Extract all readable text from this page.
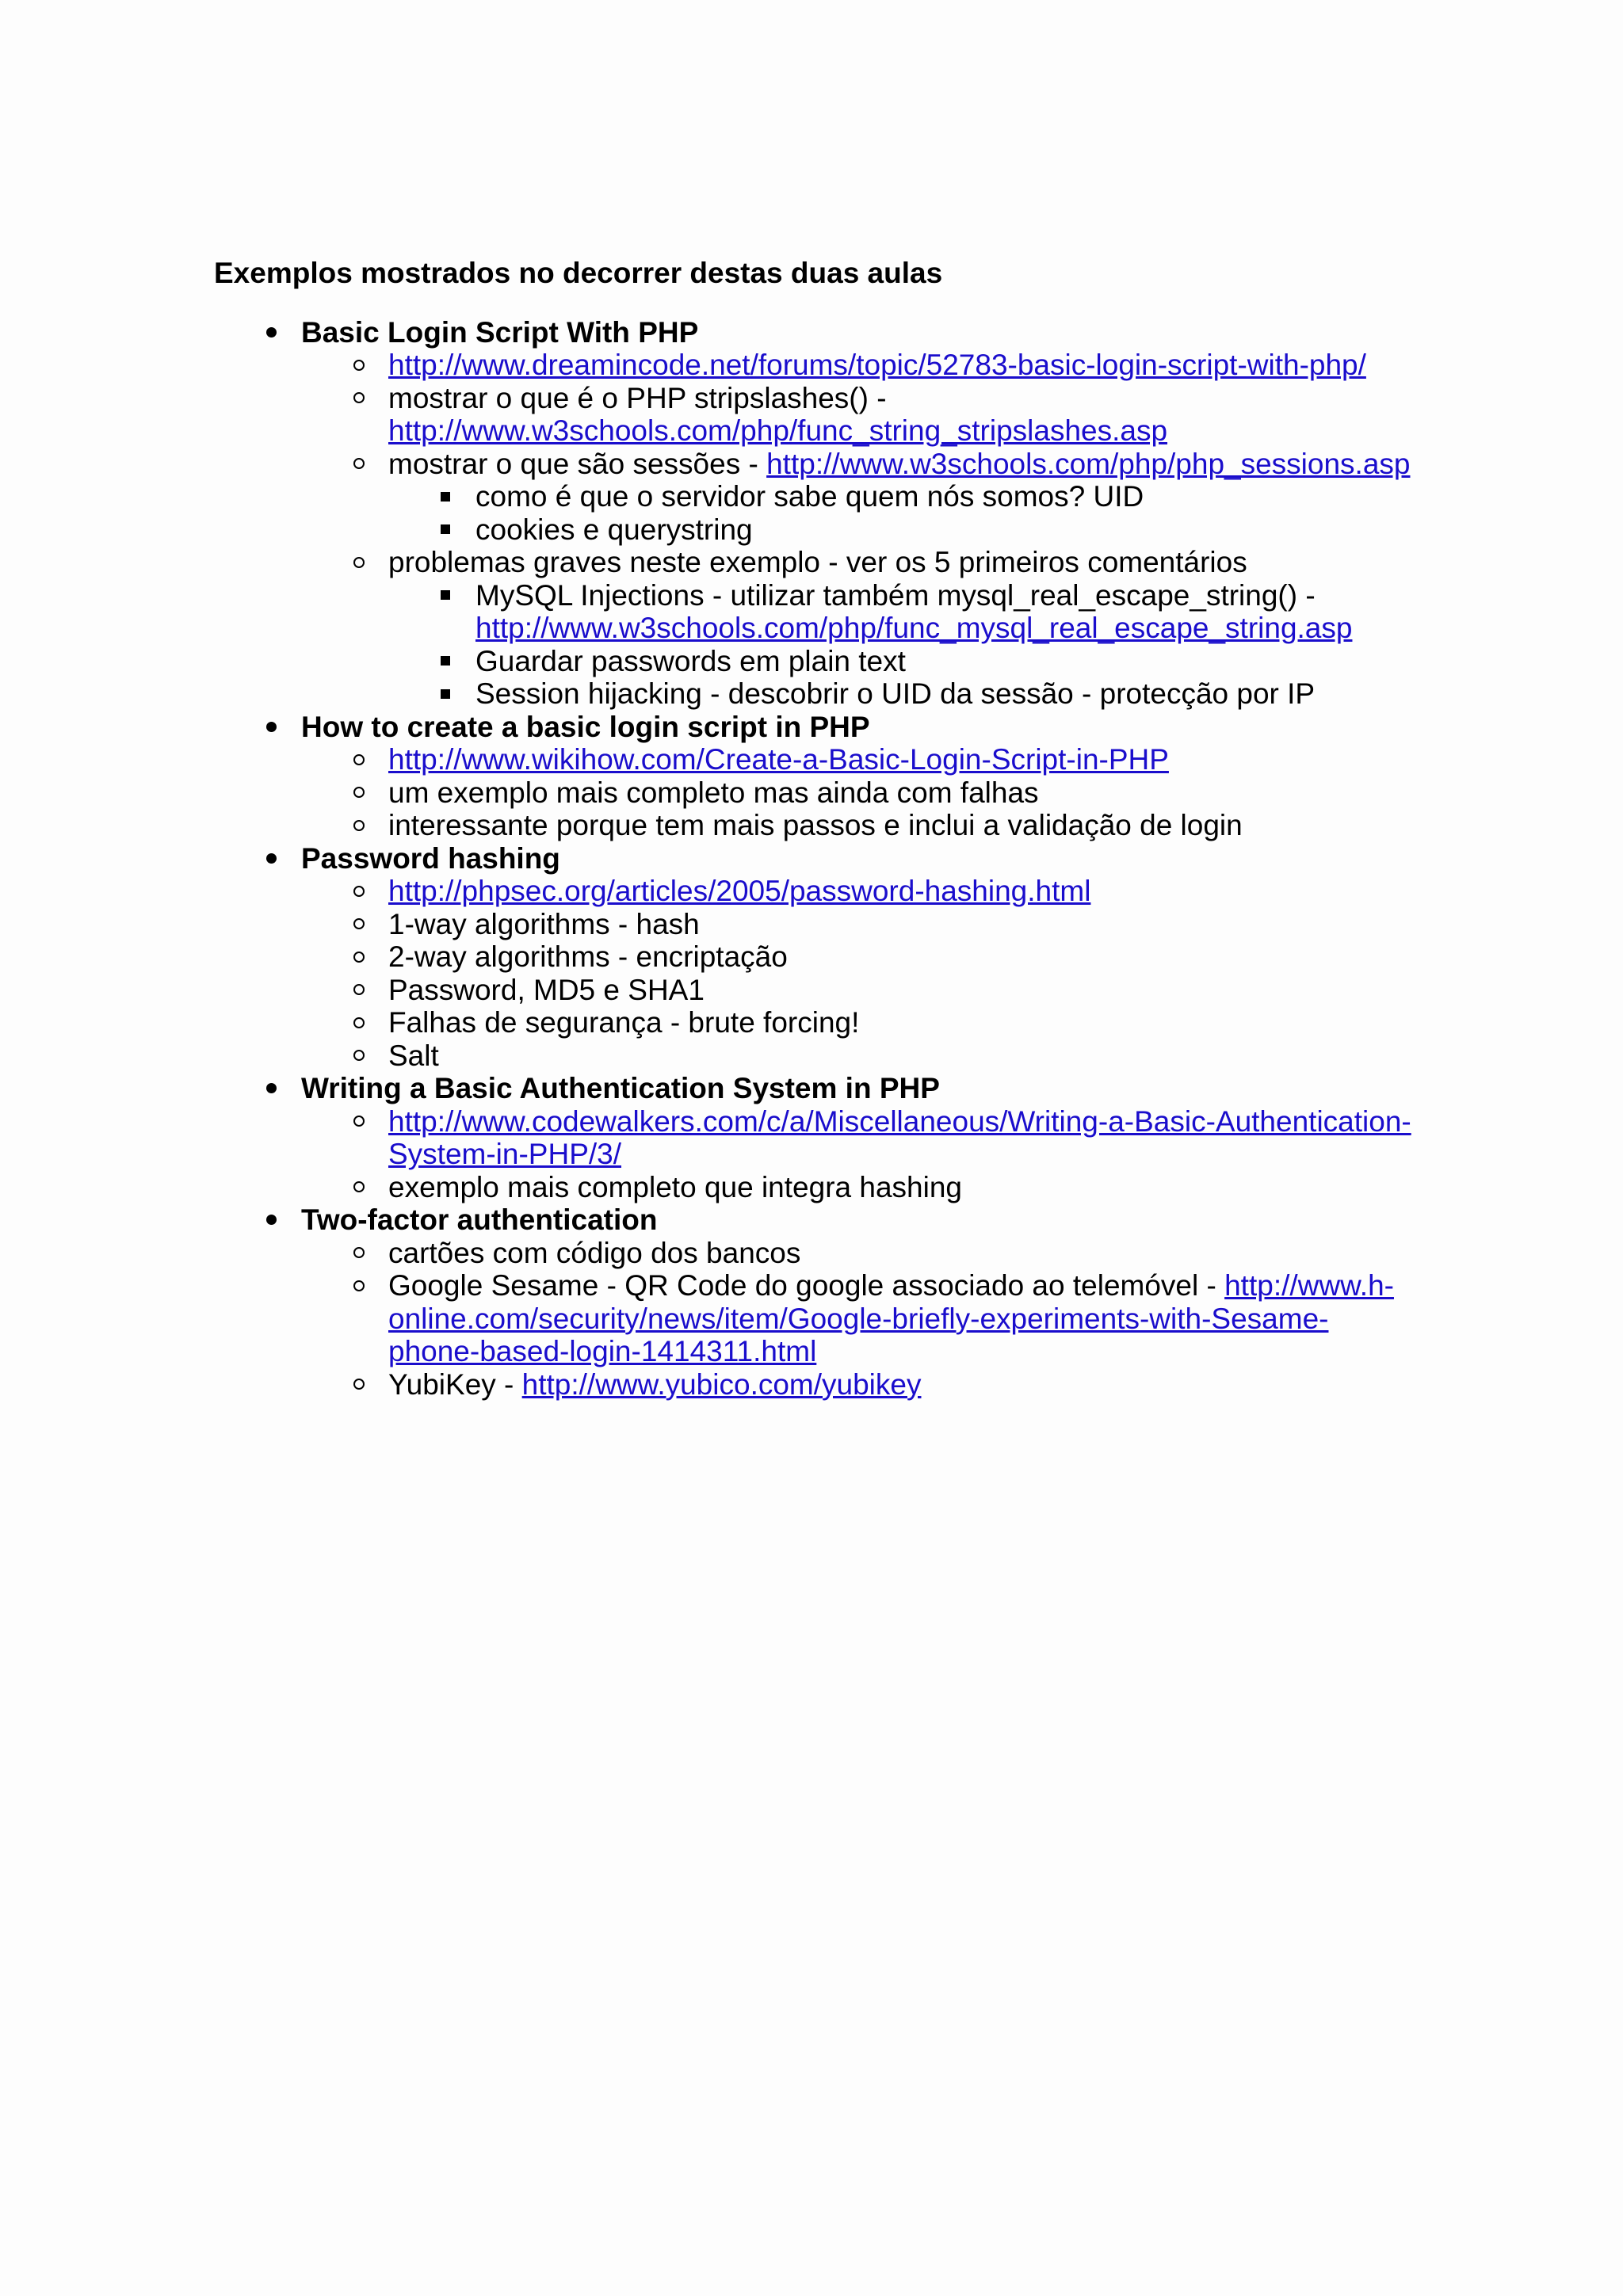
Exemplos mostrados no decorrer destas duas aulas
Basic Login Script With PHP
http://www.dreamincode.net/forums/topic/52783-basic-login-script-with-php/
mostrar o que é o PHP stripslashes() - http://www.w3schools.com/php/func_string_stripslashes.asp
mostrar o que são sessões - http://www.w3schools.com/php/php_sessions.asp
como é que o servidor sabe quem nós somos? UID
cookies e querystring
problemas graves neste exemplo - ver os 5 primeiros comentários
MySQL Injections - utilizar também mysql_real_escape_string() - http://www.w3schools.com/php/func_mysql_real_escape_string.asp
Guardar passwords em plain text
Session hijacking - descobrir o UID da sessão - protecção por IP
How to create a basic login script in PHP
http://www.wikihow.com/Create-a-Basic-Login-Script-in-PHP
um exemplo mais completo mas ainda com falhas
interessante porque tem mais passos e inclui a validação de login
Password hashing
http://phpsec.org/articles/2005/password-hashing.html
1-way algorithms - hash
2-way algorithms - encriptação
Password, MD5 e SHA1
Falhas de segurança - brute forcing!
Salt
Writing a Basic Authentication System in PHP
http://www.codewalkers.com/c/a/Miscellaneous/Writing-a-Basic-Authentication-System-in-PHP/3/
exemplo mais completo que integra hashing
Two-factor authentication
cartões com código dos bancos
Google Sesame - QR Code do google associado ao telemóvel - http://www.h-online.com/security/news/item/Google-briefly-experiments-with-Sesame-phone-based-login-1414311.html
YubiKey - http://www.yubico.com/yubikey
